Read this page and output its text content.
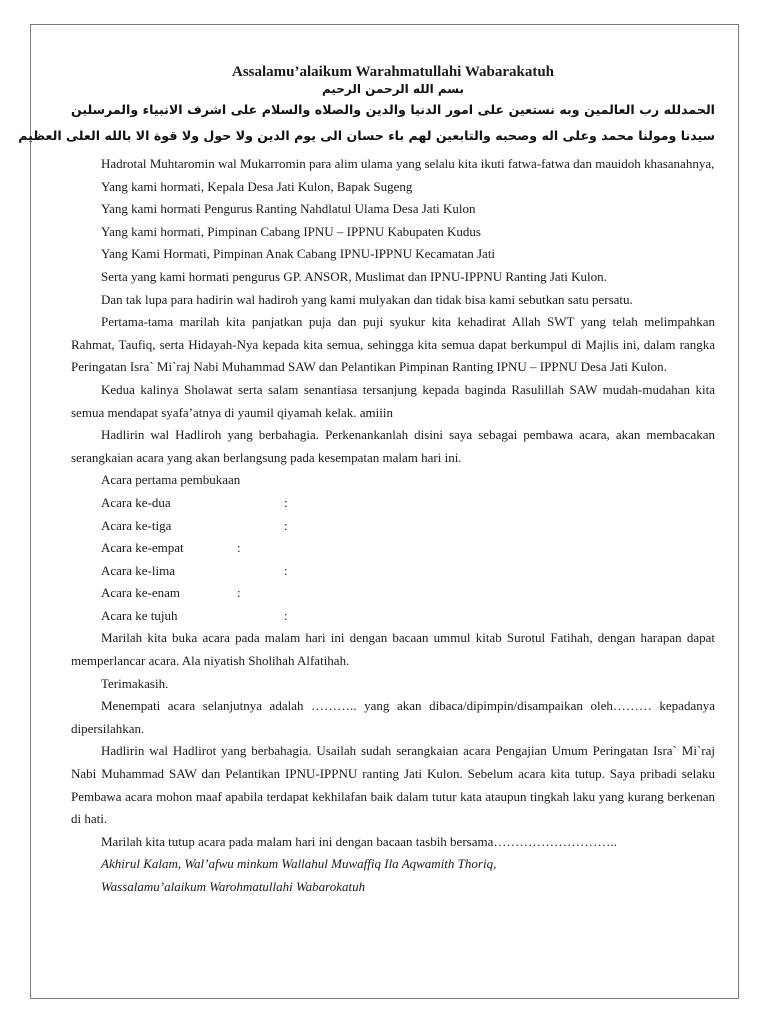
Assalamu’alaikum Warahmatullahi Wabarakatuh

بسم الله الرحمن الرحيم

الحمدلله رب العالمين وبه نستعين على امور الدنيا والدين والصلاه والسلام على اشرف الانبياء والمرسلين

سيدنا ومولنا محمد وعلى اله وصحبه والتابعين لهم باء حسان الى يوم الدين ولا حول ولا قوة الا بالله العلى العظيم

Hadrotal Muhtaromin wal Mukarromin para alim ulama yang selalu kita ikuti fatwa-fatwa dan mauidoh khasanahnya,

Yang kami hormati, Kepala Desa Jati Kulon, Bapak Sugeng

Yang kami hormati Pengurus Ranting Nahdlatul Ulama Desa Jati Kulon

Yang kami hormati, Pimpinan Cabang IPNU – IPPNU Kabupaten Kudus

Yang Kami Hormati, Pimpinan Anak Cabang IPNU-IPPNU Kecamatan Jati

Serta yang kami hormati pengurus GP. ANSOR, Muslimat dan IPNU-IPPNU Ranting Jati Kulon.

Dan tak lupa para hadirin wal hadiroh yang kami mulyakan dan tidak bisa kami sebutkan satu persatu.

Pertama-tama marilah kita panjatkan puja dan puji syukur kita kehadirat Allah SWT yang telah melimpahkan Rahmat, Taufiq, serta Hidayah-Nya kepada kita semua, sehingga kita semua dapat berkumpul di Majlis ini, dalam rangka Peringatan Isra` Mi`raj Nabi Muhammad SAW dan Pelantikan Pimpinan Ranting IPNU – IPPNU Desa Jati Kulon.

Kedua kalinya Sholawat serta salam senantiasa tersanjung kepada baginda Rasulillah SAW mudah-mudahan kita semua mendapat syafa’atnya di yaumil qiyamah kelak. amiiin

Hadlirin wal Hadliroh yang berbahagia. Perkenankanlah disini saya sebagai pembawa acara, akan membacakan serangkaian acara yang akan berlangsung pada kesempatan malam hari ini.

Acara pertama pembukaan

Acara ke-dua	:
Acara ke-tiga	:
Acara ke-empat	:
Acara ke-lima	:
Acara ke-enam	:
Acara ke tujuh	:

Marilah kita buka acara pada malam hari ini dengan bacaan ummul kitab Surotul Fatihah, dengan harapan dapat memperlancar acara. Ala niyatish Sholihah Alfatihah.

Terimakasih.

Menempati acara selanjutnya adalah ……….. yang akan dibaca/dipimpin/disampaikan oleh……… kepadanya dipersilahkan.

Hadlirin wal Hadlirot yang berbahagia. Usailah sudah serangkaian acara Pengajian Umum Peringatan Isra` Mi`raj Nabi Muhammad SAW dan Pelantikan IPNU-IPPNU ranting Jati Kulon. Sebelum acara kita tutup. Saya pribadi selaku Pembawa acara mohon maaf apabila terdapat kekhilafan baik dalam tutur kata ataupun tingkah laku yang kurang berkenan di hati.

Marilah kita tutup acara pada malam hari ini dengan bacaan tasbih bersama………………………..

Akhirul Kalam, Wal’afwu minkum Wallahul Muwaffiq Ila Aqwamith Thoriq,

Wassalamu’alaikum Warohmatullahi Wabarokatuh
